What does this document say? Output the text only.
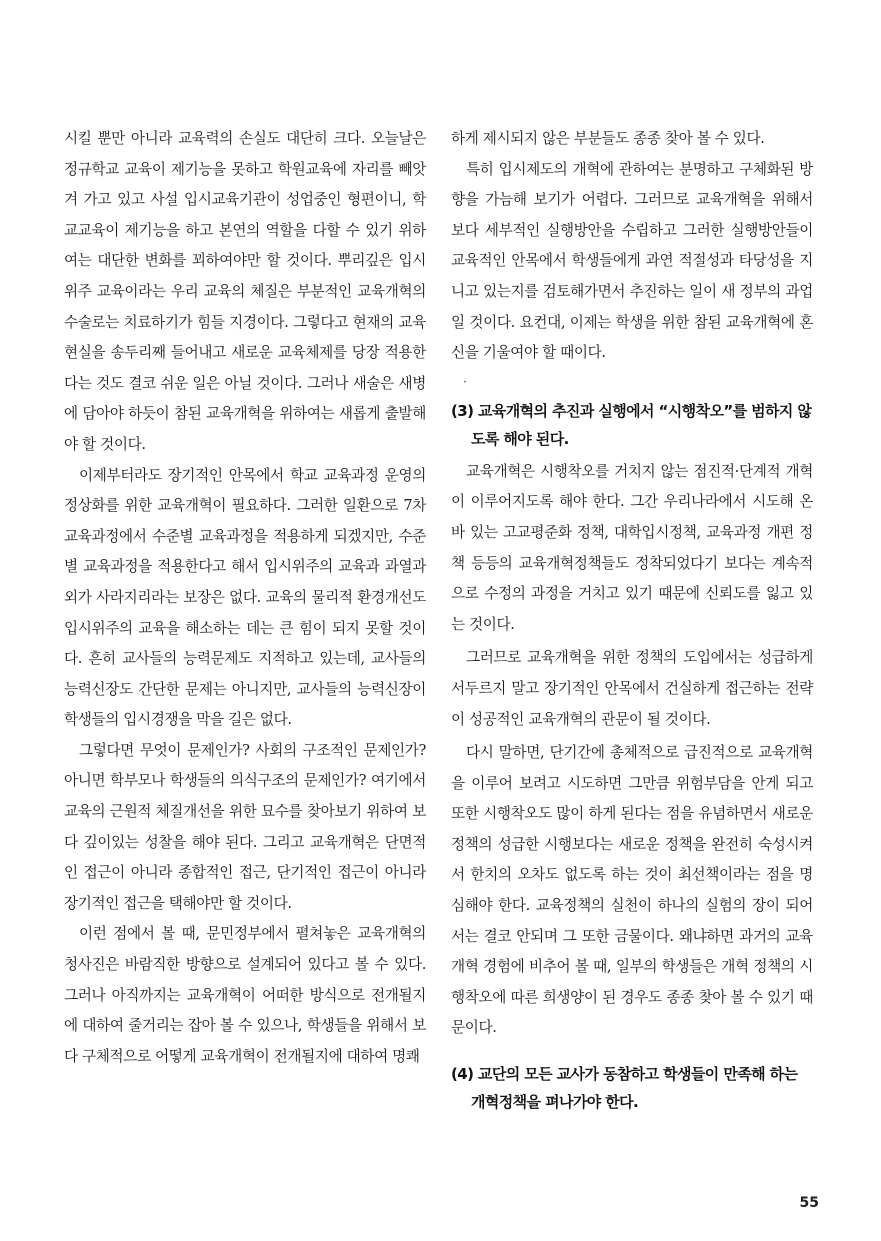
시킬 뿐만 아니라 교육력의 손실도 대단히 크다. 오늘날은 정규학교 교육이 제기능을 못하고 학원교육에 자리를 빼앗겨 가고 있고 사설 입시교육기관이 성업중인 형편이니, 학교교육이 제기능을 하고 본연의 역할을 다할 수 있기 위하여는 대단한 변화를 꾀하여야만 할 것이다. 뿌리깊은 입시위주 교육이라는 우리 교육의 체질은 부분적인 교육개혁의 수술로는 치료하기가 힘들 지경이다. 그렇다고 현재의 교육현실을 송두리째 들어내고 새로운 교육체제를 당장 적용한다는 것도 결코 쉬운 일은 아닐 것이다. 그러나 새술은 새병에 담아야 하듯이 참된 교육개혁을 위하여는 새롭게 출발해야 할 것이다.

이제부터라도 장기적인 안목에서 학교 교육과정 운영의 정상화를 위한 교육개혁이 필요하다. 그러한 일환으로 7차 교육과정에서 수준별 교육과정을 적용하게 되겠지만, 수준별 교육과정을 적용한다고 해서 입시위주의 교육과 과열과외가 사라지리라는 보장은 없다. 교육의 물리적 환경개선도 입시위주의 교육을 해소하는 데는 큰 힘이 되지 못할 것이다. 흔히 교사들의 능력문제도 지적하고 있는데, 교사들의 능력신장도 간단한 문제는 아니지만, 교사들의 능력신장이 학생들의 입시경쟁을 막을 길은 없다.

그렇다면 무엇이 문제인가? 사회의 구조적인 문제인가? 아니면 학부모나 학생들의 의식구조의 문제인가? 여기에서 교육의 근원적 체질개선을 위한 묘수를 찾아보기 위하여 보다 깊이있는 성찰을 해야 된다. 그리고 교육개혁은 단면적인 접근이 아니라 종합적인 접근, 단기적인 접근이 아니라 장기적인 접근을 택해야만 할 것이다.

이런 점에서 볼 때, 문민정부에서 펼쳐놓은 교육개혁의 청사진은 바람직한 방향으로 설계되어 있다고 볼 수 있다. 그러나 아직까지는 교육개혁이 어떠한 방식으로 전개될지에 대하여 줄거리는 잡아 볼 수 있으나, 학생들을 위해서 보다 구체적으로 어떻게 교육개혁이 전개될지에 대하여 명쾌

하게 제시되지 않은 부분들도 종종 찾아 볼 수 있다.

특히 입시제도의 개혁에 관하여는 분명하고 구체화된 방향을 가늠해 보기가 어렵다. 그러므로 교육개혁을 위해서 보다 세부적인 실행방안을 수립하고 그러한 실행방안들이 교육적인 안목에서 학생들에게 과연 적절성과 타당성을 지니고 있는지를 검토해가면서 추진하는 일이 새 정부의 과업일 것이다. 요컨대, 이제는 학생을 위한 참된 교육개혁에 혼신을 기울여야 할 때이다.

·
(3) 교육개혁의 추진과 실행에서 “시행착오”를 범하지 않도록 해야 된다.

교육개혁은 시행착오를 거치지 않는 점진적·단계적 개혁이 이루어지도록 해야 한다. 그간 우리나라에서 시도해 온 바 있는 고교평준화 정책, 대학입시정책, 교육과정 개편 정책 등등의 교육개혁정책들도 정착되었다기 보다는 계속적으로 수정의 과정을 거치고 있기 때문에 신뢰도를 잃고 있는 것이다.

그러므로 교육개혁을 위한 정책의 도입에서는 성급하게 서두르지 말고 장기적인 안목에서 건실하게 접근하는 전략이 성공적인 교육개혁의 관문이 될 것이다.

다시 말하면, 단기간에 총체적으로 급진적으로 교육개혁을 이루어 보려고 시도하면 그만큼 위험부담을 안게 되고 또한 시행착오도 많이 하게 된다는 점을 유념하면서 새로운 정책의 성급한 시행보다는 새로운 정책을 완전히 숙성시켜서 한치의 오차도 없도록 하는 것이 최선책이라는 점을 명심해야 한다. 교육정책의 실천이 하나의 실험의 장이 되어서는 결코 안되며 그 또한 금물이다. 왜냐하면 과거의 교육개혁 경험에 비추어 볼 때, 일부의 학생들은 개혁 정책의 시행착오에 따른 희생양이 된 경우도 종종 찾아 볼 수 있기 때문이다.

(4) 교단의 모든 교사가 동참하고 학생들이 만족해 하는 개혁정책을 펴나가야 한다.
55
